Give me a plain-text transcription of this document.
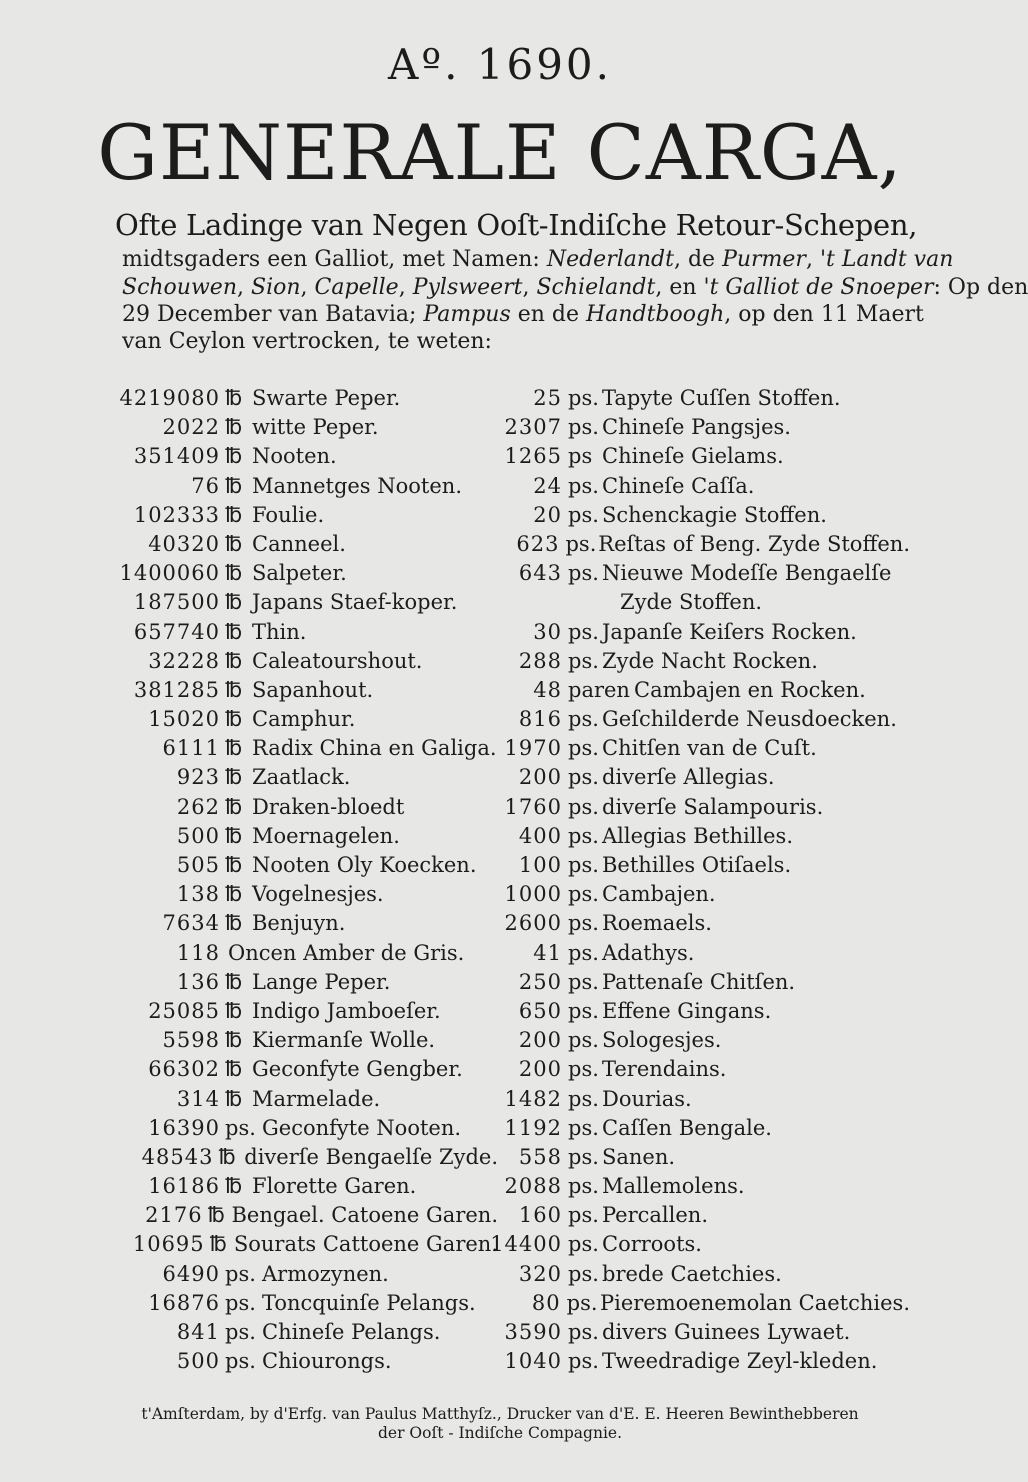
Aº. 1690.
GENERALE CARGA,
Ofte Ladinge van Negen Ooſt-Indiſche Retour-Schepen,
midtsgaders een Galliot, met Namen: Nederlandt, de Purmer, 't Landt van
Schouwen, Sion, Capelle, Pylsweert, Schielandt, en 't Galliot de Snoeper: Op den
29 December van Batavia; Pampus en de Handtboogh, op den 11 Maert
van Ceylon vertrocken, te weten:
4219080 ℔ Swarte Peper.
2022 ℔ witte Peper.
351409 ℔ Nooten.
76 ℔ Mannetges Nooten.
102333 ℔ Foulie.
40320 ℔ Canneel.
1400060 ℔ Salpeter.
187500 ℔ Japans Staef-koper.
657740 ℔ Thin.
32228 ℔ Caleatourshout.
381285 ℔ Sapanhout.
15020 ℔ Camphur.
6111 ℔ Radix China en Galiga.
923 ℔ Zaatlack.
262 ℔ Draken-bloedt
500 ℔ Moernagelen.
505 ℔ Nooten Oly Koecken.
138 ℔ Vogelnesjes.
7634 ℔ Benjuyn.
118 Oncen Amber de Gris.
136 ℔ Lange Peper.
25085 ℔ Indigo Jamboeſer.
5598 ℔ Kiermanſe Wolle.
66302 ℔ Geconfyte Gengber.
314 ℔ Marmelade.
16390 ps. Geconfyte Nooten.
48543 ℔ diverſe Bengaelſe Zyde.
16186 ℔ Florette Garen.
2176 ℔ Bengael. Catoene Garen.
10695 ℔ Sourats Cattoene Garen.
6490 ps. Armozynen.
16876 ps. Toncquinſe Pelangs.
841 ps. Chineſe Pelangs.
500 ps. Chiourongs.
25 ps. Tapyte Cuſſen Stoffen.
2307 ps. Chineſe Pangsjes.
1265 ps Chineſe Gielams.
24 ps. Chineſe Caſſa.
20 ps. Schenckagie Stoffen.
623 ps. Reſtas of Beng. Zyde Stoffen.
643 ps. Nieuwe Modeſſe Bengaelſe
Zyde Stoffen.
30 ps. Japanſe Keiſers Rocken.
288 ps. Zyde Nacht Rocken.
48 paren Cambajen en Rocken.
816 ps. Geſchilderde Neusdoecken.
1970 ps. Chitſen van de Cuſt.
200 ps. diverſe Allegias.
1760 ps. diverſe Salampouris.
400 ps. Allegias Bethilles.
100 ps. Bethilles Otiſaels.
1000 ps. Cambajen.
2600 ps. Roemaels.
41 ps. Adathys.
250 ps. Pattenaſe Chitſen.
650 ps. Effene Gingans.
200 ps. Sologesjes.
200 ps. Terendains.
1482 ps. Dourias.
1192 ps. Caſſen Bengale.
558 ps. Sanen.
2088 ps. Mallemolens.
160 ps. Percallen.
14400 ps. Corroots.
320 ps. brede Caetchies.
80 ps. Pieremoenemolan Caetchies.
3590 ps. divers Guinees Lywaet.
1040 ps. Tweedradige Zeyl-kleden.
t'Amſterdam, by d'Erfg. van Paulus Matthyſz., Drucker van d'E. E. Heeren Bewinthebberen
der Ooſt - Indiſche Compagnie.
